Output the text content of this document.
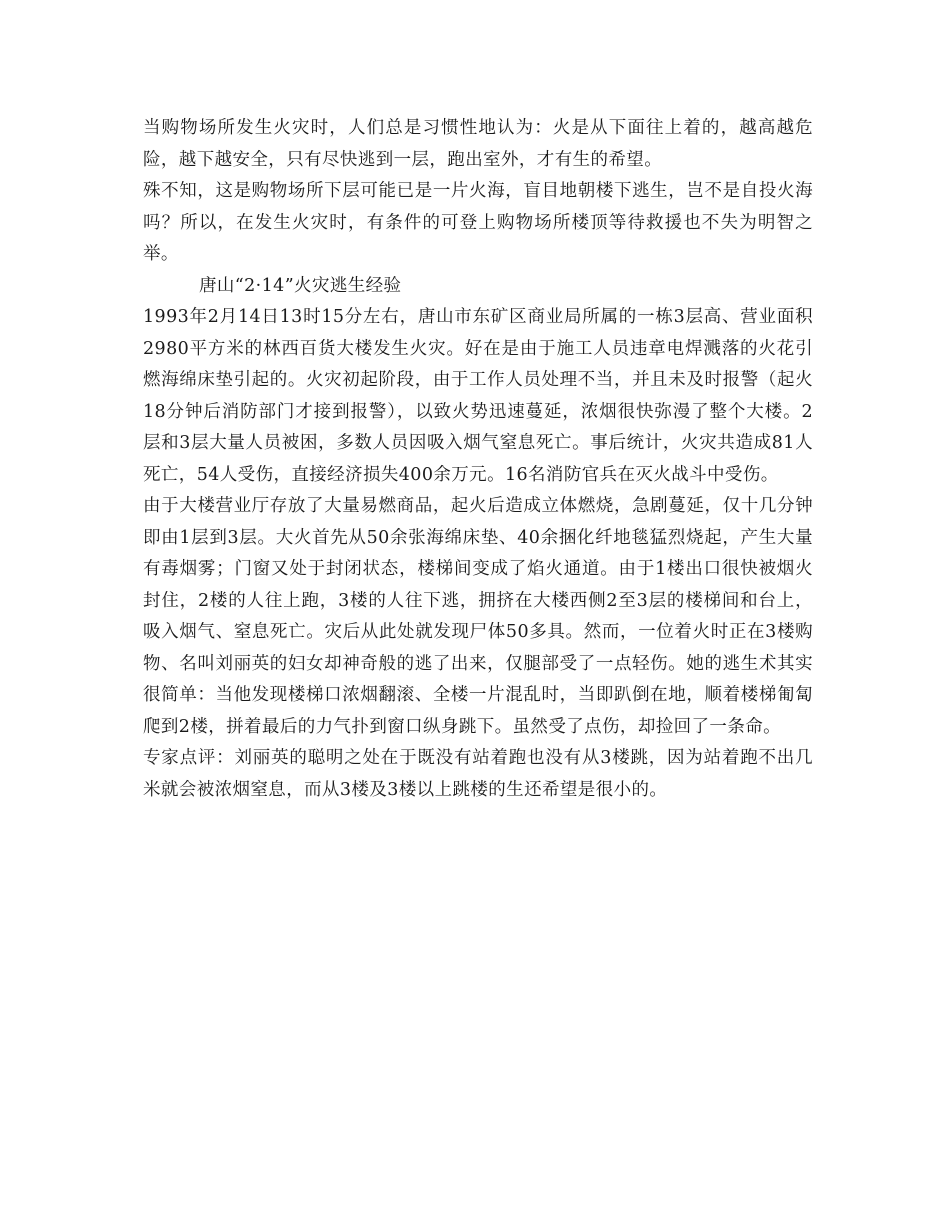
当购物场所发生火灾时，人们总是习惯性地认为：火是从下面往上着的，越高越危险，越下越安全，只有尽快逃到一层，跑出室外，才有生的希望。

殊不知，这是购物场所下层可能已是一片火海，盲目地朝楼下逃生，岂不是自投火海吗？所以，在发生火灾时，有条件的可登上购物场所楼顶等待救援也不失为明智之举。

唐山“2·14”火灾逃生经验

1993年2月14日13时15分左右，唐山市东矿区商业局所属的一栋3层高、营业面积2980平方米的林西百货大楼发生火灾。好在是由于施工人员违章电焊溅落的火花引燃海绵床垫引起的。火灾初起阶段，由于工作人员处理不当，并且未及时报警（起火18分钟后消防部门才接到报警），以致火势迅速蔓延，浓烟很快弥漫了整个大楼。2层和3层大量人员被困，多数人员因吸入烟气窒息死亡。事后统计，火灾共造成81人死亡，54人受伤，直接经济损失400余万元。16名消防官兵在灭火战斗中受伤。

由于大楼营业厅存放了大量易燃商品，起火后造成立体燃烧，急剧蔓延，仅十几分钟即由1层到3层。大火首先从50余张海绵床垫、40余捆化纤地毯猛烈烧起，产生大量有毒烟雾；门窗又处于封闭状态，楼梯间变成了焰火通道。由于1楼出口很快被烟火封住，2楼的人往上跑，3楼的人往下逃，拥挤在大楼西侧2至3层的楼梯间和台上，吸入烟气、窒息死亡。灾后从此处就发现尸体50多具。然而，一位着火时正在3楼购物、名叫刘丽英的妇女却神奇般的逃了出来，仅腿部受了一点轻伤。她的逃生术其实很简单：当他发现楼梯口浓烟翻滚、全楼一片混乱时，当即趴倒在地，顺着楼梯匍匐爬到2楼，拼着最后的力气扑到窗口纵身跳下。虽然受了点伤，却捡回了一条命。

专家点评：刘丽英的聪明之处在于既没有站着跑也没有从3楼跳，因为站着跑不出几米就会被浓烟窒息，而从3楼及3楼以上跳楼的生还希望是很小的。
